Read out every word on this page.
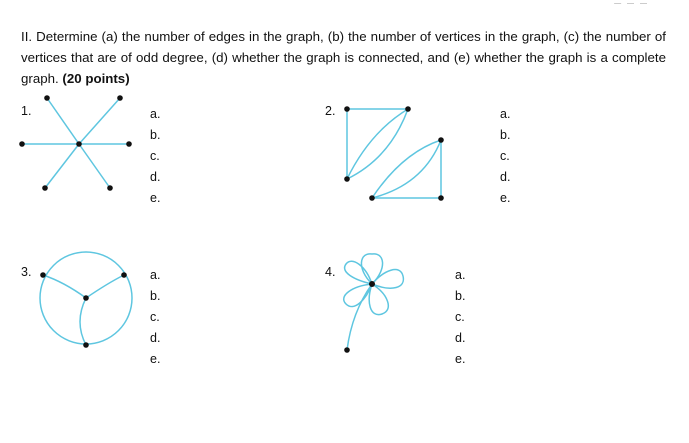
— — —
II. Determine (a) the number of edges in the graph, (b) the number of vertices in the graph, (c) the number of vertices that are of odd degree, (d) whether the graph is connected, and (e) whether the graph is a complete graph. (20 points)
1.	a.
b.
c.
d.
e.
2.	a.
b.
c.
d.
e.
3.	a.
b.
c.
d.
e.
4.	a.
b.
c.
d.
e.
